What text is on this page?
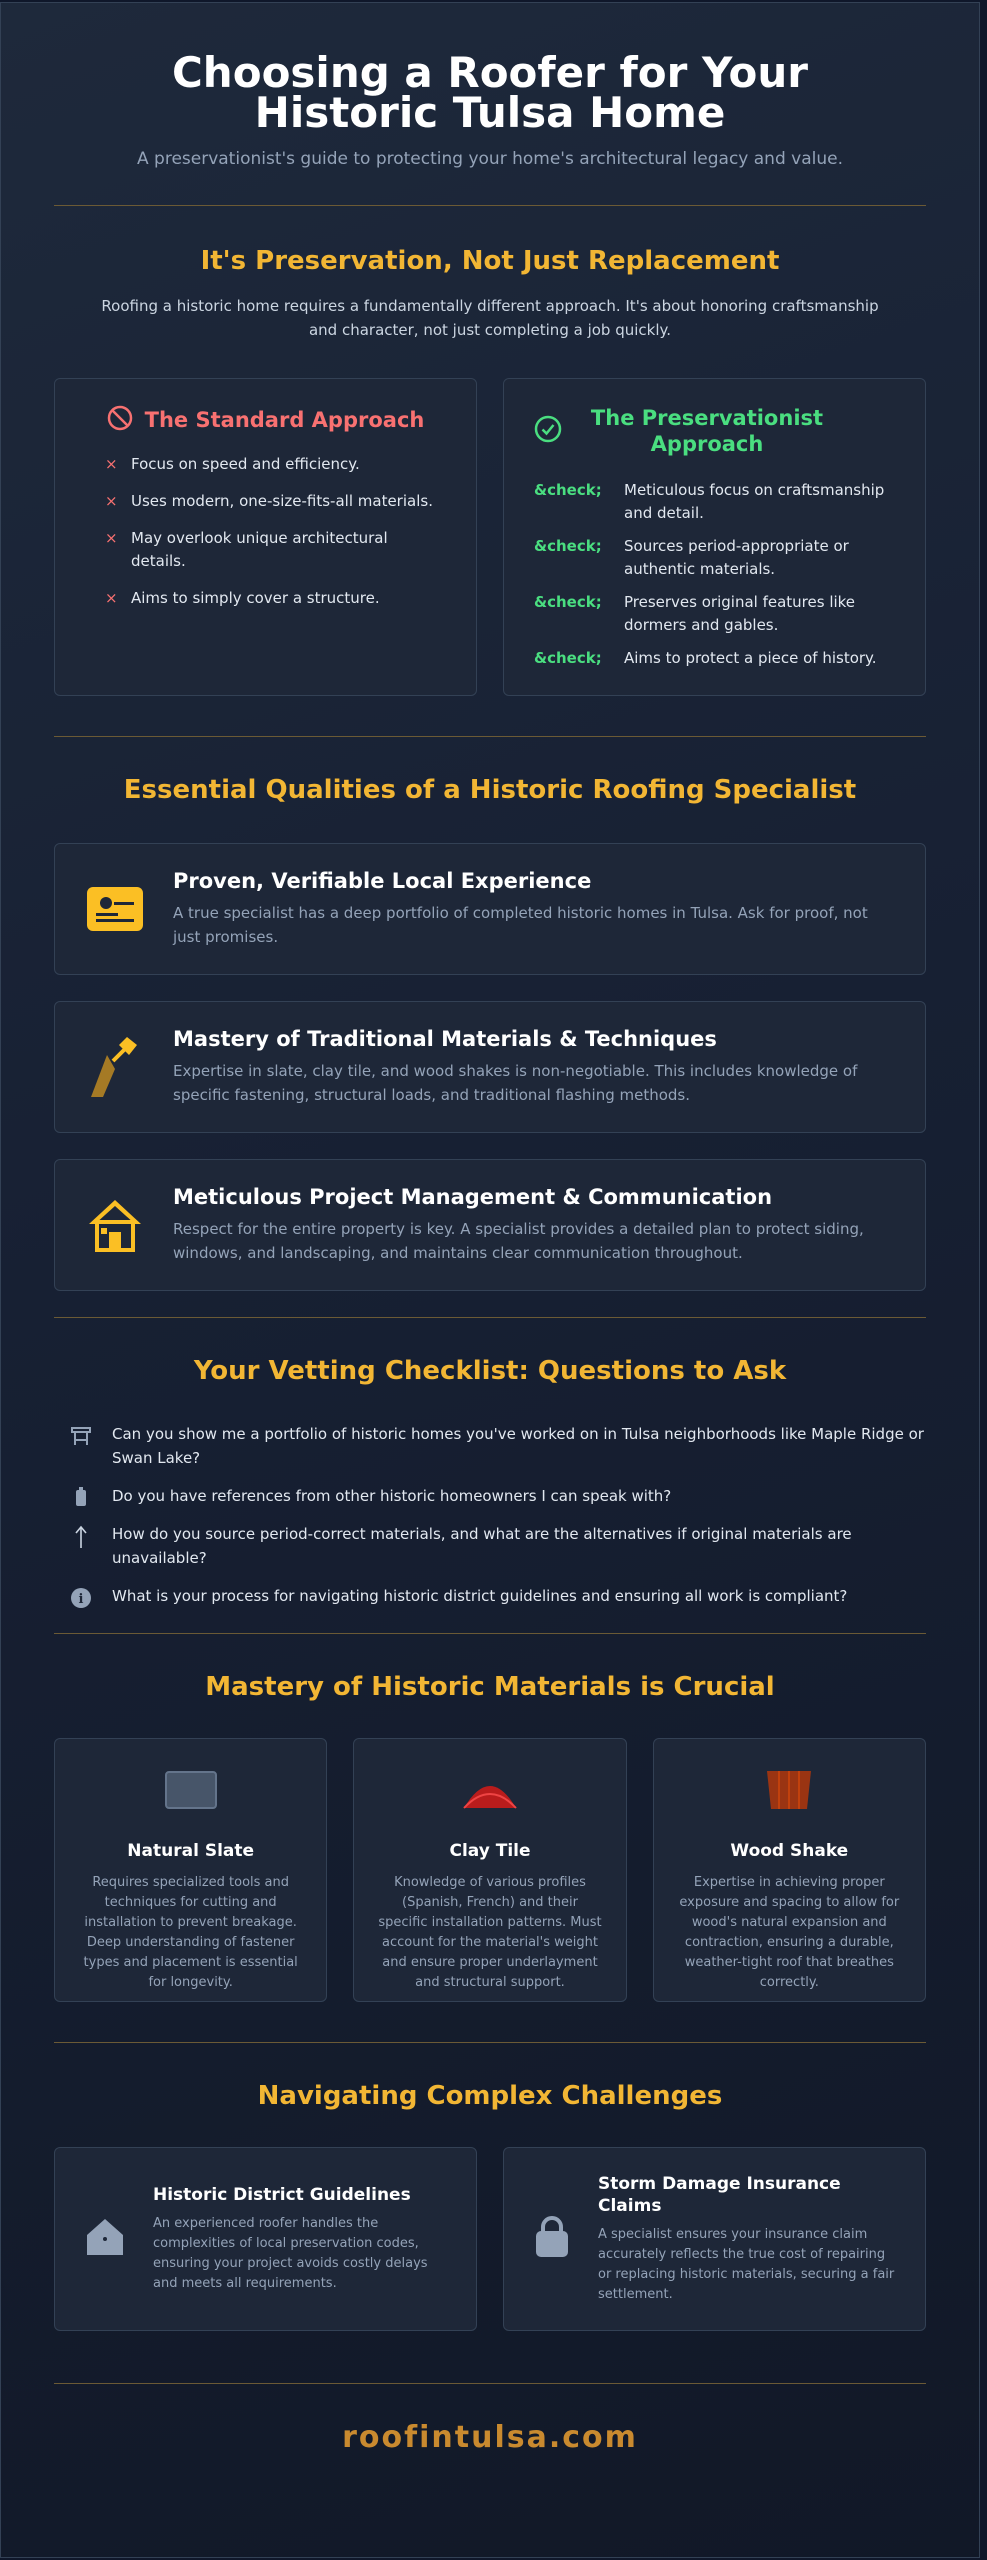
Choosing a Roofer for Your Historic Tulsa Home

A preservationist's guide to protecting your home's architectural legacy and value.

It's Preservation, Not Just Replacement

Roofing a historic home requires a fundamentally different approach. It's about honoring craftsmanship and character, not just completing a job quickly.

The Standard Approach
× Focus on speed and efficiency.
× Uses modern, one-size-fits-all materials.
× May overlook unique architectural details.
× Aims to simply cover a structure.
The Preservationist Approach
&check;	Meticulous focus on craftsmanship and detail.
&check;	Sources period-appropriate or authentic materials.
&check;	Preserves original features like dormers and gables.
&check;	Aims to protect a piece of history.
Essential Qualities of a Historic Roofing Specialist
Proven, Verifiable Local Experience

A true specialist has a deep portfolio of completed historic homes in Tulsa. Ask for proof, not just promises.

Mastery of Traditional Materials & Techniques

Expertise in slate, clay tile, and wood shakes is non-negotiable. This includes knowledge of specific fastening, structural loads, and traditional flashing methods.

Meticulous Project Management & Communication

Respect for the entire property is key. A specialist provides a detailed plan to protect siding, windows, and landscaping, and maintains clear communication throughout.

Your Vetting Checklist: Questions to Ask
Can you show me a portfolio of historic homes you've worked on in Tulsa neighborhoods like Maple Ridge or Swan Lake?
Do you have references from other historic homeowners I can speak with?
How do you source period-correct materials, and what are the alternatives if original materials are unavailable?
i What is your process for navigating historic district guidelines and ensuring all work is compliant?
Mastery of Historic Materials is Crucial
Natural Slate

Requires specialized tools and techniques for cutting and installation to prevent breakage. Deep understanding of fastener types and placement is essential for longevity.

Clay Tile

Knowledge of various profiles (Spanish, French) and their specific installation patterns. Must account for the material's weight and ensure proper underlayment and structural support.

Wood Shake

Expertise in achieving proper exposure and spacing to allow for wood's natural expansion and contraction, ensuring a durable, weather-tight roof that breathes correctly.

Navigating Complex Challenges
Historic District Guidelines

An experienced roofer handles the complexities of local preservation codes, ensuring your project avoids costly delays and meets all requirements.

Storm Damage Insurance Claims

A specialist ensures your insurance claim accurately reflects the true cost of repairing or replacing historic materials, securing a fair settlement.

roofintulsa.com
